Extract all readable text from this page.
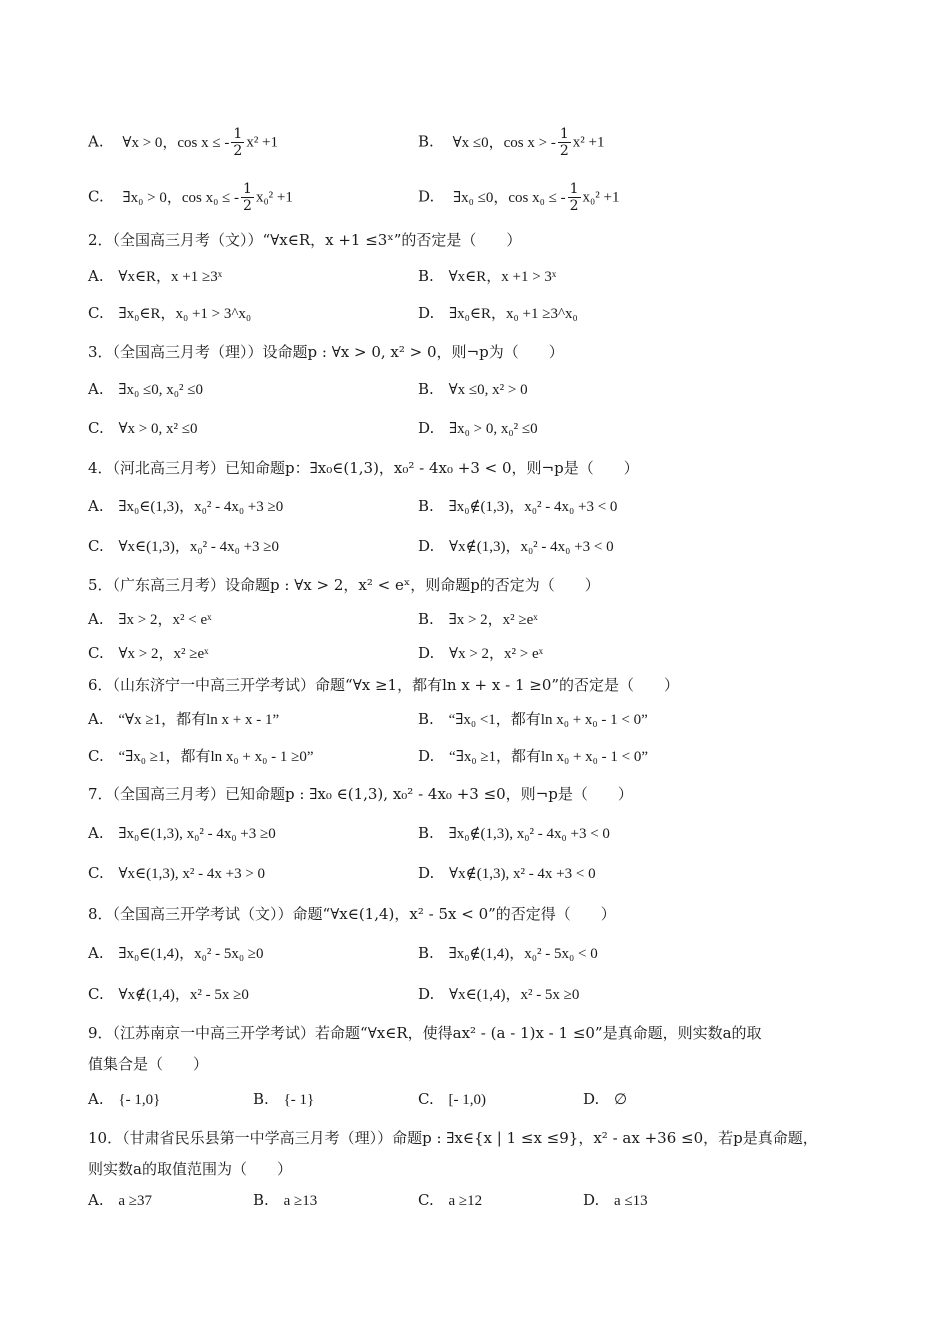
A. ∀x > 0，cos x ≤ - $\frac{1}{2} x^2 +1$	B. ∀x ≤0，cos x > - $\frac{1}{2} x^2 +1$
C. ∃x₀ > 0，cos x₀ ≤ - $\frac{1}{2} x_0^2 +1$	D. ∃x₀ ≤0，cos x₀ ≤ - $\frac{1}{2} x_0^2 +1$
2．（全国高三月考（文））“∀x∈R，x +1 ≤3ˣ”的否定是（　　）
A. ∀x∈R，x +1 ≥3ˣ	B. ∀x∈R，x +1 > 3ˣ
C. ∃x₀∈R，x₀ +1 > 3^x₀	D. ∃x₀∈R，x₀ +1 ≥3^x₀
3．（全国高三月考（理））设命题p : ∀x > 0, x² > 0，则¬p为（　　）
A. ∃x₀ ≤0, x₀² ≤0	B. ∀x ≤0, x² > 0
C. ∀x > 0, x² ≤0	D. ∃x₀ > 0, x₀² ≤0
4．（河北高三月考）已知命题p：∃x₀∈(1,3)，x₀² - 4x₀ +3 < 0，则¬p是（　　）
A. ∃x₀∈(1,3)，x₀² - 4x₀ +3 ≥0	B. ∃x₀∉(1,3)，x₀² - 4x₀ +3 < 0
C. ∀x∈(1,3)，x₀² - 4x₀ +3 ≥0	D. ∀x∉(1,3)，x₀² - 4x₀ +3 < 0
5．（广东高三月考）设命题p : ∀x > 2，x² < eˣ，则命题p的否定为（　　）
A. ∃x > 2，x² < eˣ	B. ∃x > 2，x² ≥eˣ
C. ∀x > 2，x² ≥eˣ	D. ∀x > 2，x² > eˣ
6．（山东济宁一中高三开学考试）命题“∀x ≥1，都有ln x + x - 1 ≥0”的否定是（　　）
A. “∀x ≥1，都有ln x + x - 1”	B. “∃x₀ <1，都有ln x₀ + x₀ - 1 < 0”
C. “∃x₀ ≥1，都有ln x₀ + x₀ - 1 ≥0”	D. “∃x₀ ≥1，都有ln x₀ + x₀ - 1 < 0”
7．（全国高三月考）已知命题p : ∃x₀ ∈(1,3), x₀² - 4x₀ +3 ≤0，则¬p是（　　）
A. ∃x₀∈(1,3), x₀² - 4x₀ +3 ≥0	B. ∃x₀∉(1,3), x₀² - 4x₀ +3 < 0
C. ∀x∈(1,3), x² - 4x +3 > 0	D. ∀x∉(1,3), x² - 4x +3 < 0
8．（全国高三开学考试（文））命题“∀x∈(1,4)，x² - 5x < 0”的否定得（　　）
A. ∃x₀∈(1,4)，x₀² - 5x₀ ≥0	B. ∃x₀∉(1,4)，x₀² - 5x₀ < 0
C. ∀x∉(1,4)，x² - 5x ≥0	D. ∀x∈(1,4)，x² - 5x ≥0
9．（江苏南京一中高三开学考试）若命题“∀x∈R，使得ax² - (a - 1)x - 1 ≤0”是真命题，则实数a的取
值集合是（　　）
A. {- 1,0}	B. {- 1}	C. [- 1,0)	D. ∅
10．（甘肃省民乐县第一中学高三月考（理））命题p : ∃x∈{x | 1 ≤x ≤9}，x² - ax +36 ≤0，若p是真命题，
则实数a的取值范围为（　　）
A. a ≥37	B. a ≥13	C. a ≥12	D. a ≤13
